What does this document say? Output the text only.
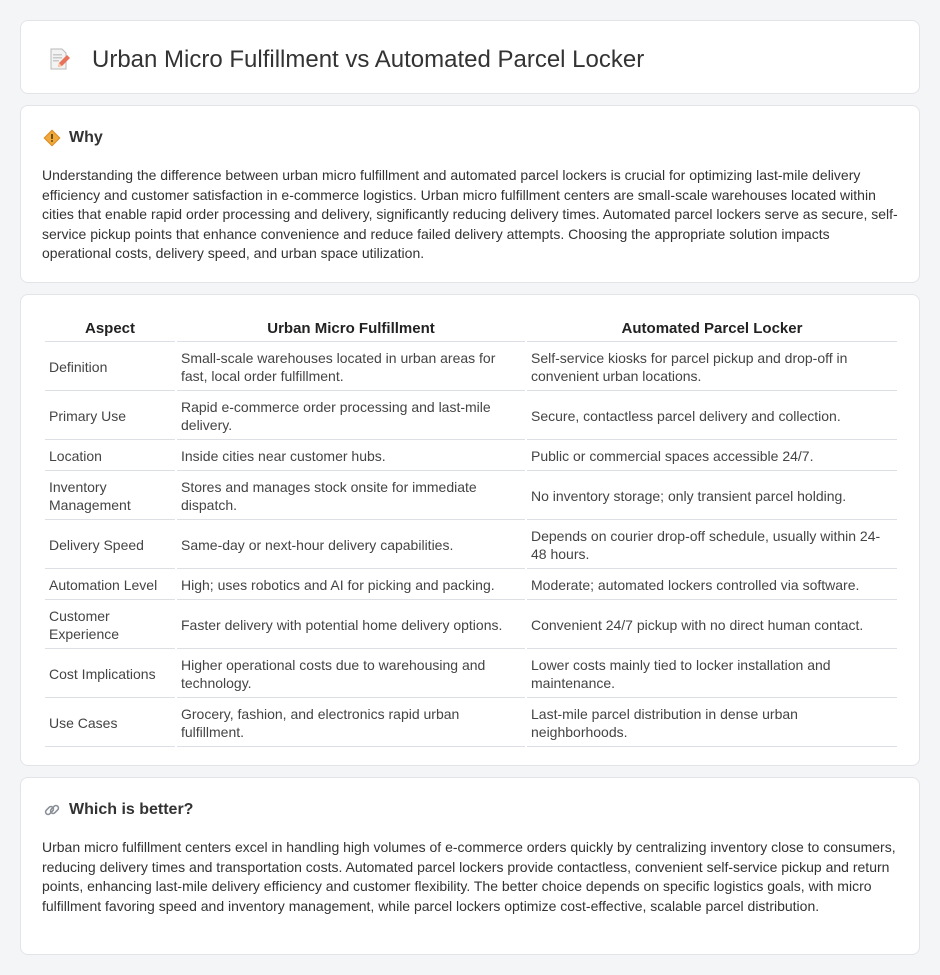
Urban Micro Fulfillment vs Automated Parcel Locker
Why

Understanding the difference between urban micro fulfillment and automated parcel lockers is crucial for optimizing last-mile delivery efficiency and customer satisfaction in e-commerce logistics. Urban micro fulfillment centers are small-scale warehouses located within cities that enable rapid order processing and delivery, significantly reducing delivery times. Automated parcel lockers serve as secure, self-service pickup points that enhance convenience and reduce failed delivery attempts. Choosing the appropriate solution impacts operational costs, delivery speed, and urban space utilization.

Aspect	Urban Micro Fulfillment	Automated Parcel Locker
Definition	Small-scale warehouses located in urban areas for fast, local order fulfillment.	Self-service kiosks for parcel pickup and drop-off in convenient urban locations.
Primary Use	Rapid e-commerce order processing and last-mile delivery.	Secure, contactless parcel delivery and collection.
Location	Inside cities near customer hubs.	Public or commercial spaces accessible 24/7.
Inventory Management	Stores and manages stock onsite for immediate dispatch.	No inventory storage; only transient parcel holding.
Delivery Speed	Same-day or next-hour delivery capabilities.	Depends on courier drop-off schedule, usually within 24-48 hours.
Automation Level	High; uses robotics and AI for picking and packing.	Moderate; automated lockers controlled via software.
Customer Experience	Faster delivery with potential home delivery options.	Convenient 24/7 pickup with no direct human contact.
Cost Implications	Higher operational costs due to warehousing and technology.	Lower costs mainly tied to locker installation and maintenance.
Use Cases	Grocery, fashion, and electronics rapid urban fulfillment.	Last-mile parcel distribution in dense urban neighborhoods.
Which is better?

Urban micro fulfillment centers excel in handling high volumes of e-commerce orders quickly by centralizing inventory close to consumers, reducing delivery times and transportation costs. Automated parcel lockers provide contactless, convenient self-service pickup and return points, enhancing last-mile delivery efficiency and customer flexibility. The better choice depends on specific logistics goals, with micro fulfillment favoring speed and inventory management, while parcel lockers optimize cost-effective, scalable parcel distribution.
